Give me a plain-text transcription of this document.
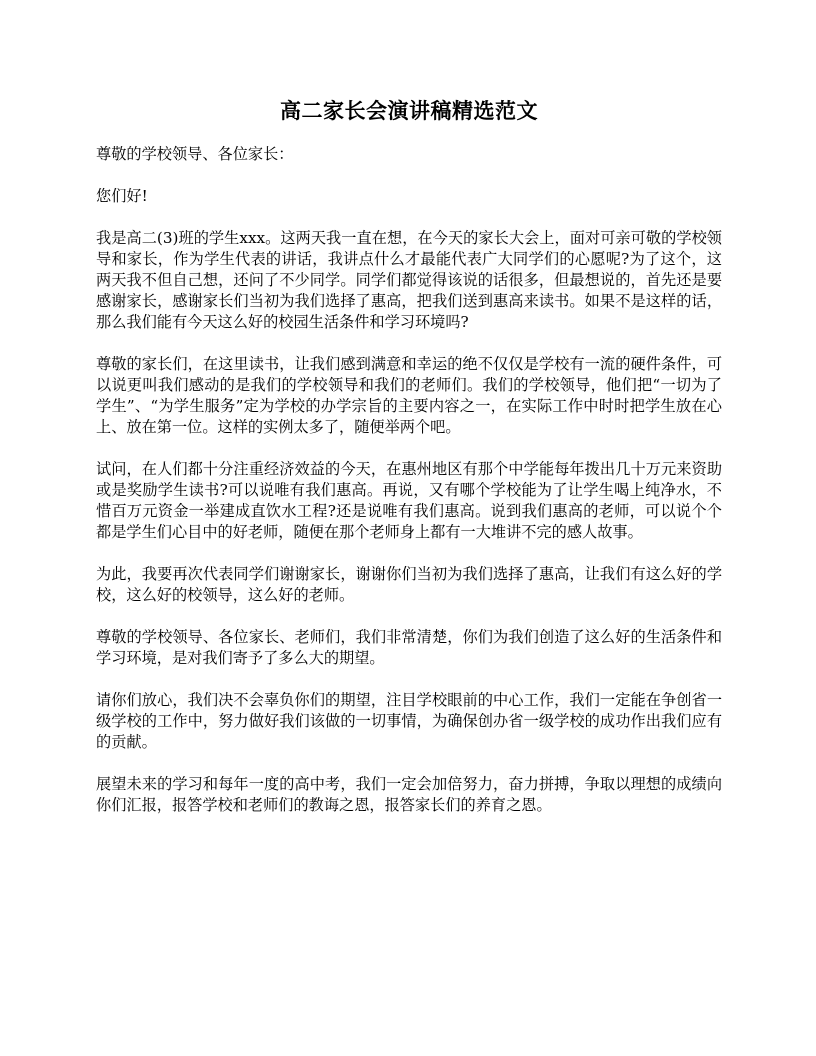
高二家长会演讲稿精选范文

尊敬的学校领导、各位家长：

您们好!

我是高二(3)班的学生xxx。这两天我一直在想，在今天的家长大会上，面对可亲可敬的学校领导和家长，作为学生代表的讲话，我讲点什么才最能代表广大同学们的心愿呢?为了这个，这两天我不但自己想，还问了不少同学。同学们都觉得该说的话很多，但最想说的，首先还是要感谢家长，感谢家长们当初为我们选择了惠高，把我们送到惠高来读书。如果不是这样的话，那么我们能有今天这么好的校园生活条件和学习环境吗?

尊敬的家长们，在这里读书，让我们感到满意和幸运的绝不仅仅是学校有一流的硬件条件，可以说更叫我们感动的是我们的学校领导和我们的老师们。我们的学校领导，他们把“一切为了学生”、“为学生服务”定为学校的办学宗旨的主要内容之一，在实际工作中时时把学生放在心上、放在第一位。这样的实例太多了，随便举两个吧。

试问，在人们都十分注重经济效益的今天，在惠州地区有那个中学能每年拨出几十万元来资助或是奖励学生读书?可以说唯有我们惠高。再说，又有哪个学校能为了让学生喝上纯净水，不惜百万元资金一举建成直饮水工程?还是说唯有我们惠高。说到我们惠高的老师，可以说个个都是学生们心目中的好老师，随便在那个老师身上都有一大堆讲不完的感人故事。

为此，我要再次代表同学们谢谢家长，谢谢你们当初为我们选择了惠高，让我们有这么好的学校，这么好的校领导，这么好的老师。

尊敬的学校领导、各位家长、老师们，我们非常清楚，你们为我们创造了这么好的生活条件和学习环境，是对我们寄予了多么大的期望。

请你们放心，我们决不会辜负你们的期望，注目学校眼前的中心工作，我们一定能在争创省一级学校的工作中，努力做好我们该做的一切事情，为确保创办省一级学校的成功作出我们应有的贡献。

展望未来的学习和每年一度的高中考，我们一定会加倍努力，奋力拼搏，争取以理想的成绩向你们汇报，报答学校和老师们的教诲之恩，报答家长们的养育之恩。
